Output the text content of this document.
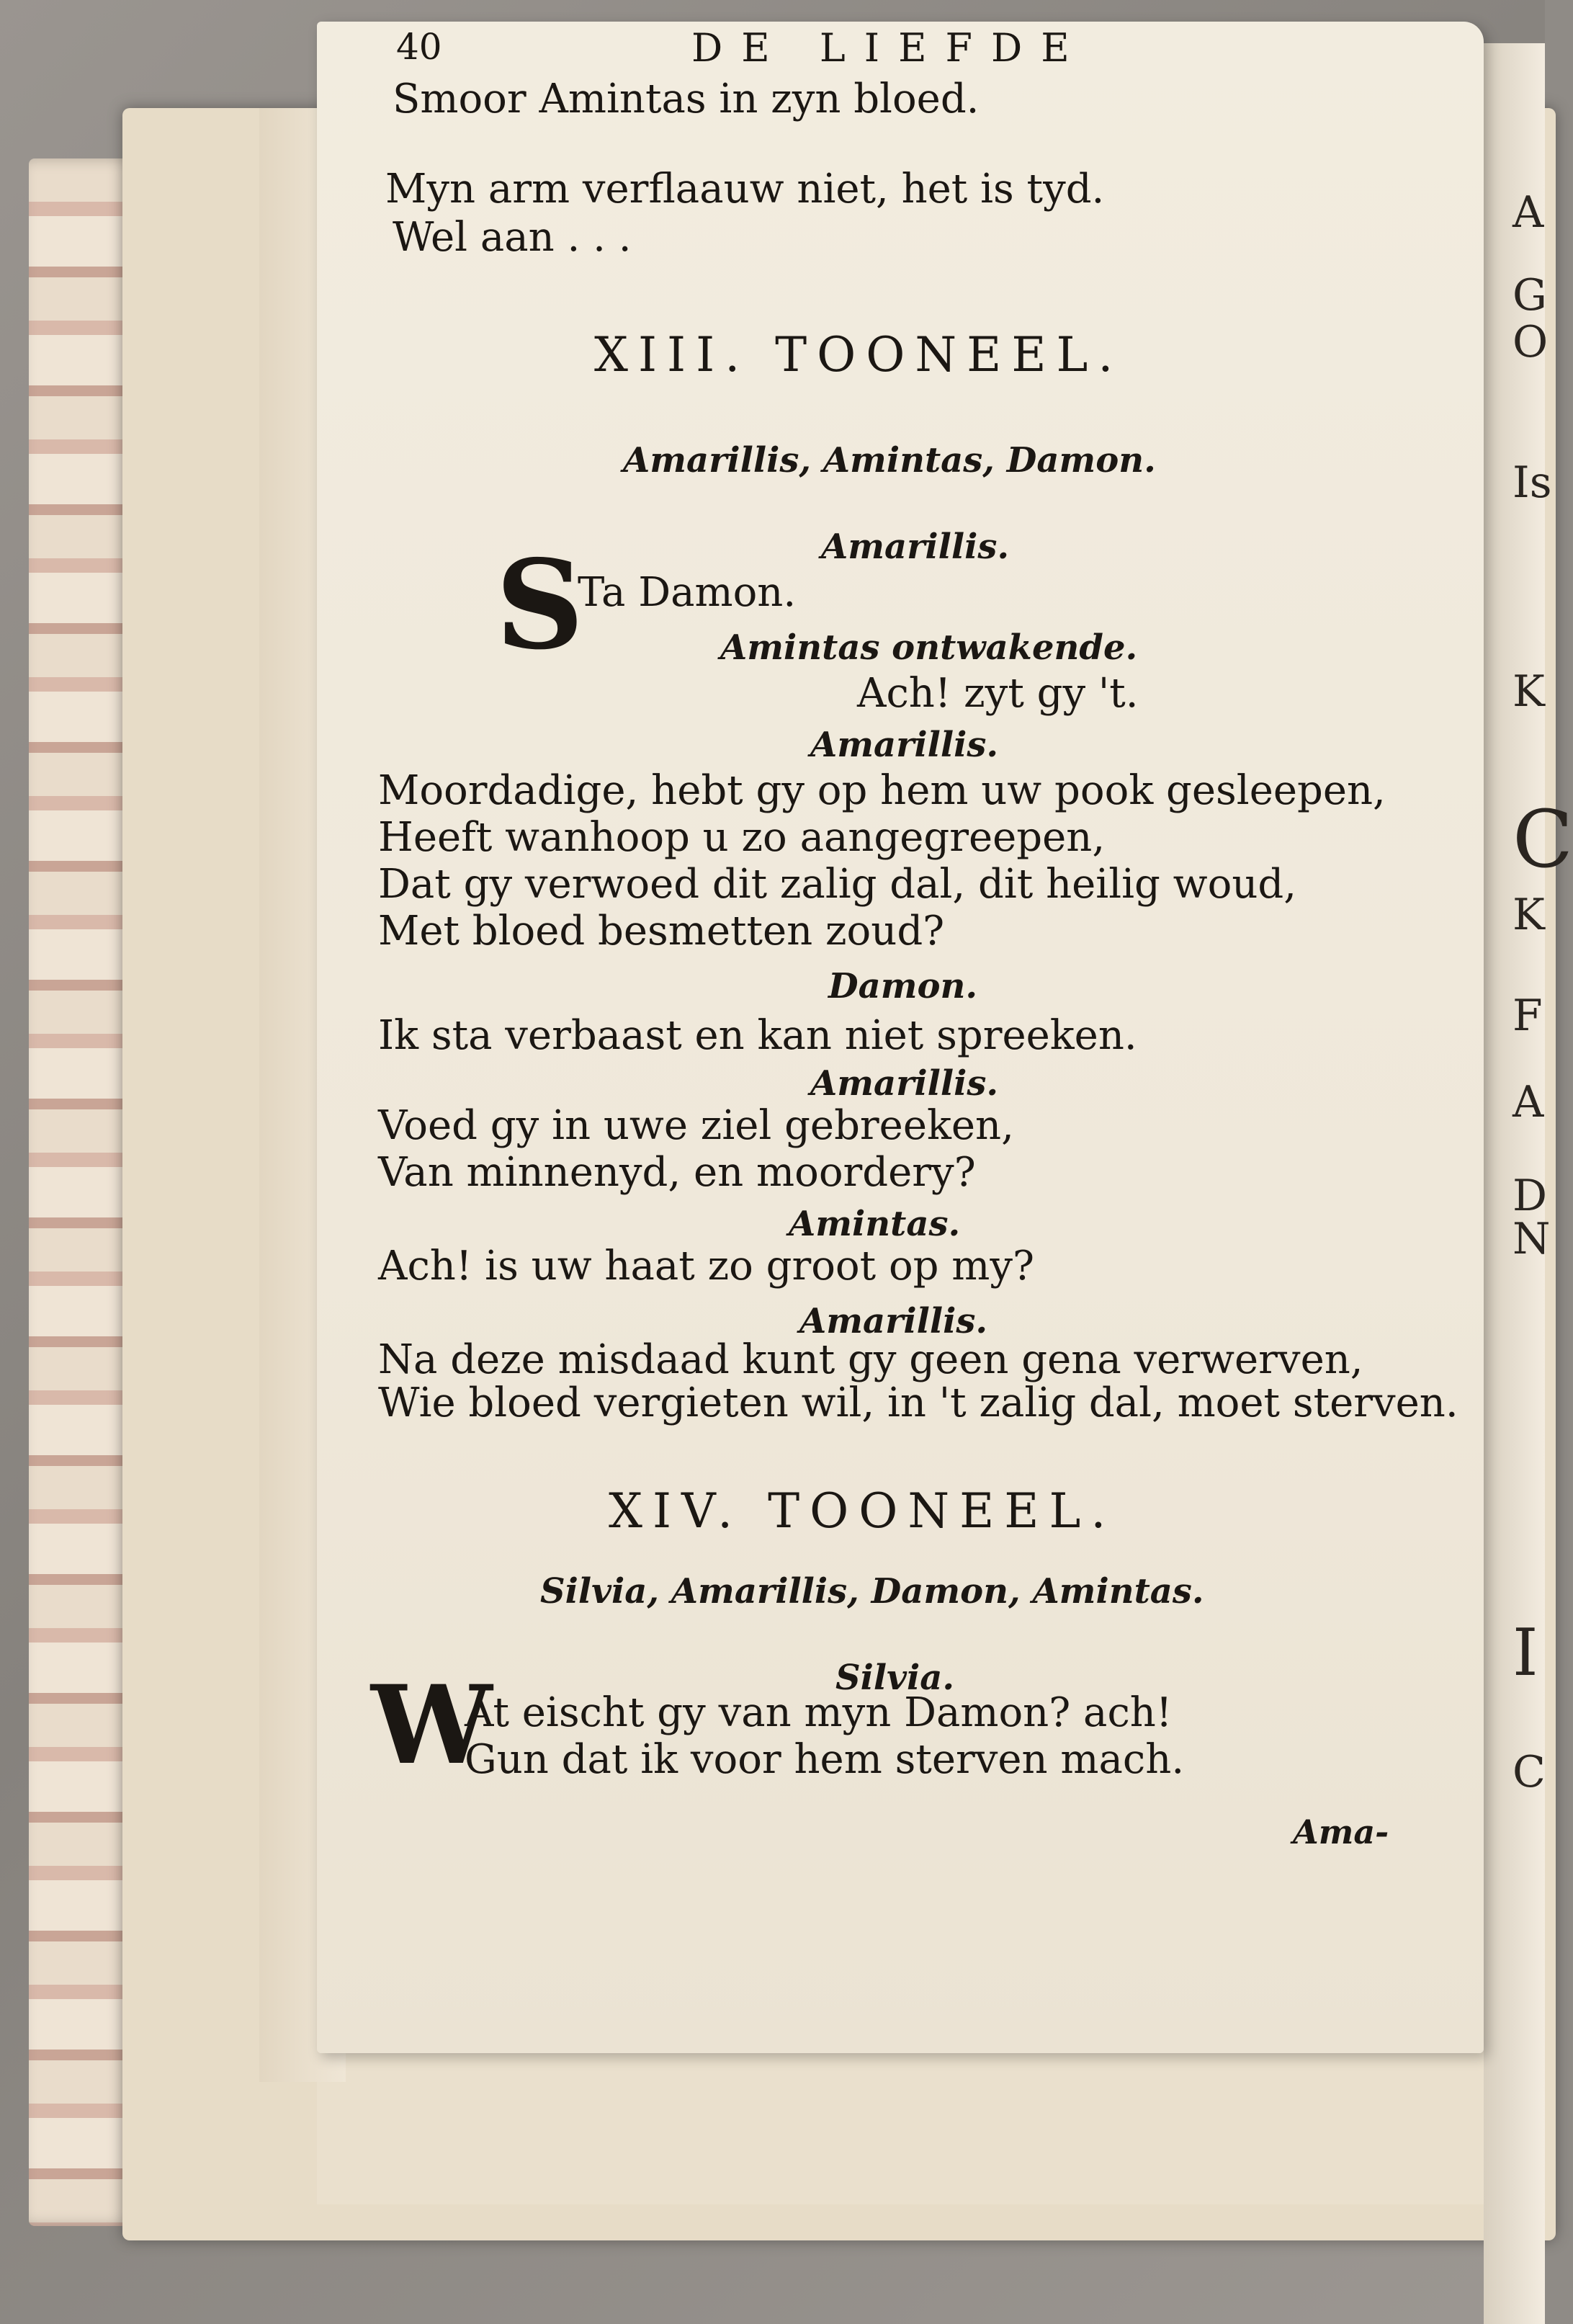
A
G
O
Is
K
C
K
F
A
D
N
I
C
40	DE LIEFDE
Smoor Amintas in zyn bloed.
Myn arm verflaauw niet, het is tyd.
Wel aan . . .
XIII. TOONEEL.
Amarillis, Amintas, Damon.
Amarillis.
S
Ta Damon.
Amintas ontwakende.
Ach! zyt gy 't.
Amarillis.
Moordadige, hebt gy op hem uw pook gesleepen,
Heeft wanhoop u zo aangegreepen,
Dat gy verwoed dit zalig dal, dit heilig woud,
Met bloed besmetten zoud?
Damon.
Ik sta verbaast en kan niet spreeken.
Amarillis.
Voed gy in uwe ziel gebreeken,
Van minnenyd, en moordery?
Amintas.
Ach! is uw haat zo groot op my?
Amarillis.
Na deze misdaad kunt gy geen gena verwerven,
Wie bloed vergieten wil, in 't zalig dal, moet sterven.
XIV. TOONEEL.
Silvia, Amarillis, Damon, Amintas.
Silvia.
W
At eischt gy van myn Damon? ach!
Gun dat ik voor hem sterven mach.
Ama-
